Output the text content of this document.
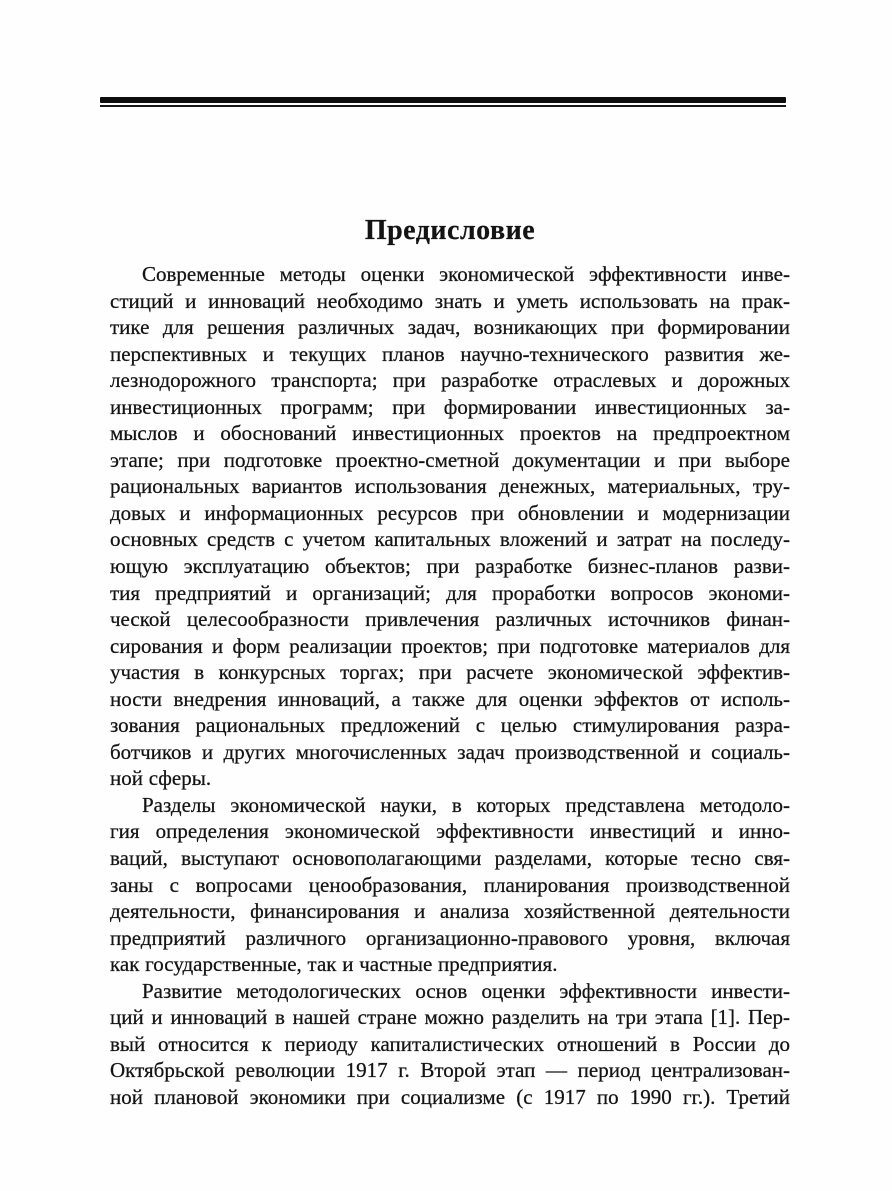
Предисловие
Современные методы оценки экономической эффективности инве-
стиций и инноваций необходимо знать и уметь использовать на прак-
тике для решения различных задач, возникающих при формировании
перспективных и текущих планов научно-технического развития же-
лезнодорожного транспорта; при разработке отраслевых и дорожных
инвестиционных программ; при формировании инвестиционных за-
мыслов и обоснований инвестиционных проектов на предпроектном
этапе; при подготовке проектно-сметной документации и при выборе
рациональных вариантов использования денежных, материальных, тру-
довых и информационных ресурсов при обновлении и модернизации
основных средств с учетом капитальных вложений и затрат на последу-
ющую эксплуатацию объектов; при разработке бизнес-планов разви-
тия предприятий и организаций; для проработки вопросов экономи-
ческой целесообразности привлечения различных источников финан-
сирования и форм реализации проектов; при подготовке материалов для
участия в конкурсных торгах; при расчете экономической эффектив-
ности внедрения инноваций, а также для оценки эффектов от исполь-
зования рациональных предложений с целью стимулирования разра-
ботчиков и других многочисленных задач производственной и социаль-
ной сферы.
Разделы экономической науки, в которых представлена методоло-
гия определения экономической эффективности инвестиций и инно-
ваций, выступают основополагающими разделами, которые тесно свя-
заны с вопросами ценообразования, планирования производственной
деятельности, финансирования и анализа хозяйственной деятельности
предприятий различного организационно-правового уровня, включая
как государственные, так и частные предприятия.
Развитие методологических основ оценки эффективности инвести-
ций и инноваций в нашей стране можно разделить на три этапа [1]. Пер-
вый относится к периоду капиталистических отношений в России до
Октябрьской революции 1917 г. Второй этап — период централизован-
ной плановой экономики при социализме (с 1917 по 1990 гг.). Третий
